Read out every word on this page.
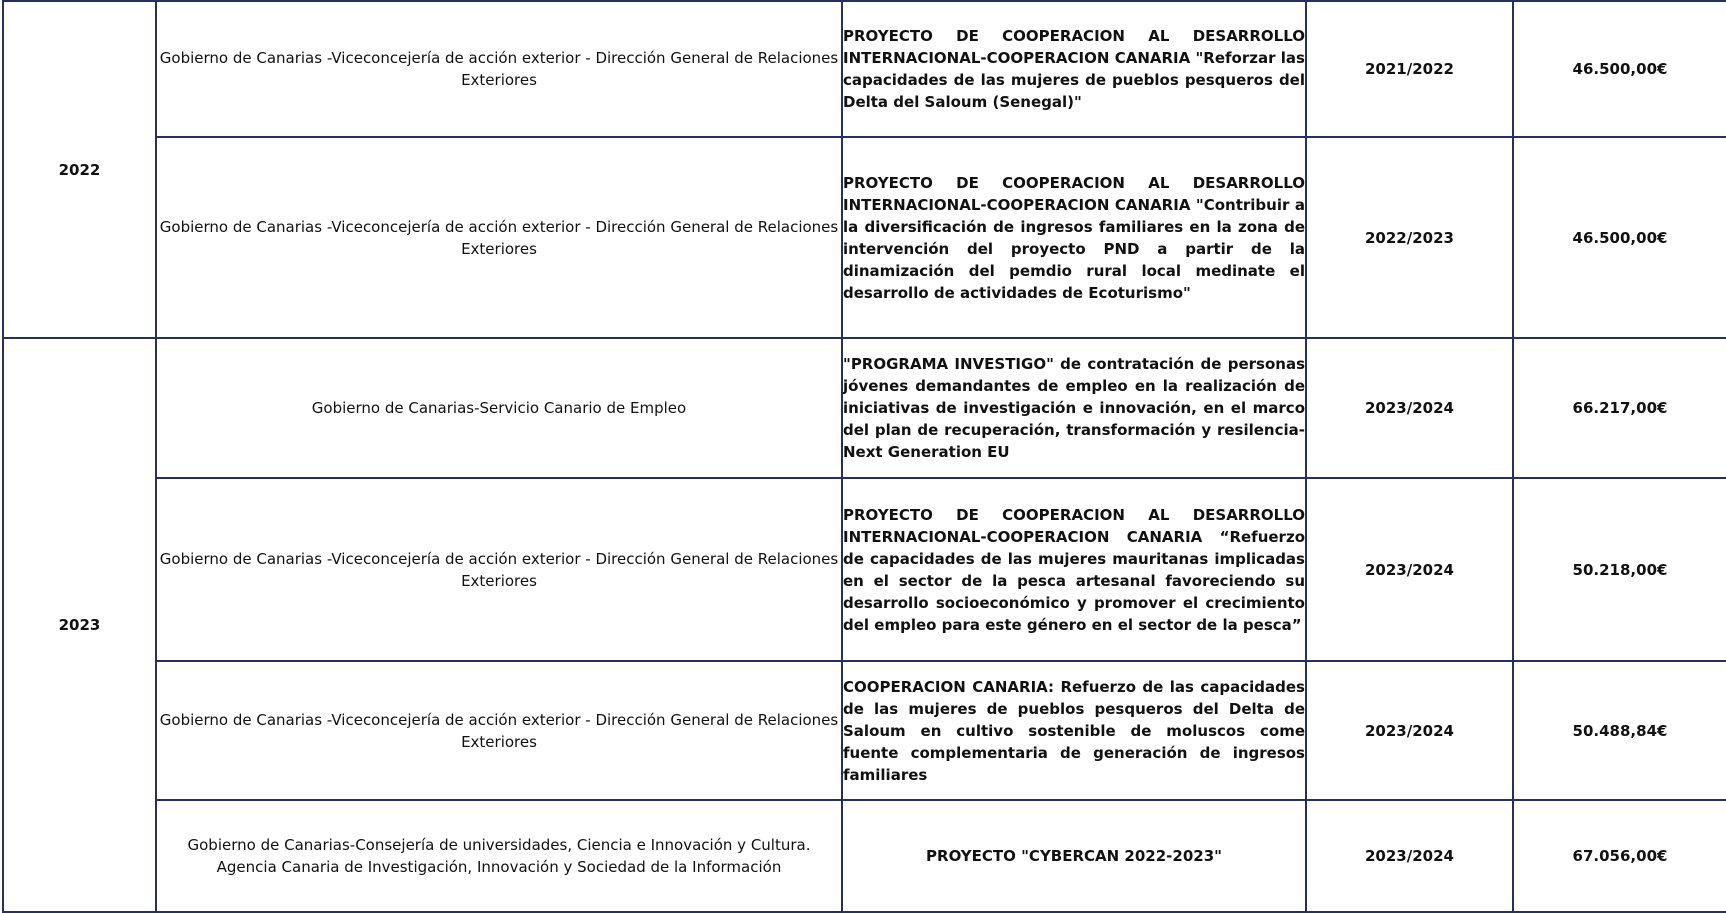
2022	Gobierno de Canarias -Viceconcejería de acción exterior - Dirección General de Relaciones Exteriores	PROYECTO DE COOPERACION AL DESARROLLO INTERNACIONAL-COOPERACION CANARIA "Reforzar las capacidades de las mujeres de pueblos pesqueros del Delta del Saloum (Senegal)"	2021/2022	46.500,00€

	Gobierno de Canarias -Viceconcejería de acción exterior - Dirección General de Relaciones Exteriores	PROYECTO DE COOPERACION AL DESARROLLO INTERNACIONAL-COOPERACION CANARIA "Contribuir a la diversificación de ingresos familiares en la zona de intervención del proyecto PND a partir de la dinamización del pemdio rural local medinate el desarrollo de actividades de Ecoturismo"	2022/2023	46.500,00€

2023	Gobierno de Canarias-Servicio Canario de Empleo	"PROGRAMA INVESTIGO" de contratación de personas jóvenes demandantes de empleo en la realización de iniciativas de investigación e innovación, en el marco del plan de recuperación, transformación y resilencia-Next Generation EU	2023/2024	66.217,00€

	Gobierno de Canarias -Viceconcejería de acción exterior - Dirección General de Relaciones Exteriores	PROYECTO DE COOPERACION AL DESARROLLO INTERNACIONAL-COOPERACION CANARIA “Refuerzo de capacidades de las mujeres mauritanas implicadas en el sector de la pesca artesanal favoreciendo su desarrollo socioeconómico y promover el crecimiento del empleo para este género en el sector de la pesca”	2023/2024	50.218,00€

	Gobierno de Canarias -Viceconcejería de acción exterior - Dirección General de Relaciones Exteriores	COOPERACION CANARIA: Refuerzo de las capacidades de las mujeres de pueblos pesqueros del Delta de Saloum en cultivo sostenible de moluscos come fuente complementaria de generación de ingresos familiares	2023/2024	50.488,84€

	Gobierno de Canarias-Consejería de universidades, Ciencia e Innovación y Cultura. Agencia Canaria de Investigación, Innovación y Sociedad de la Información	PROYECTO "CYBERCAN 2022-2023"	2023/2024	67.056,00€
